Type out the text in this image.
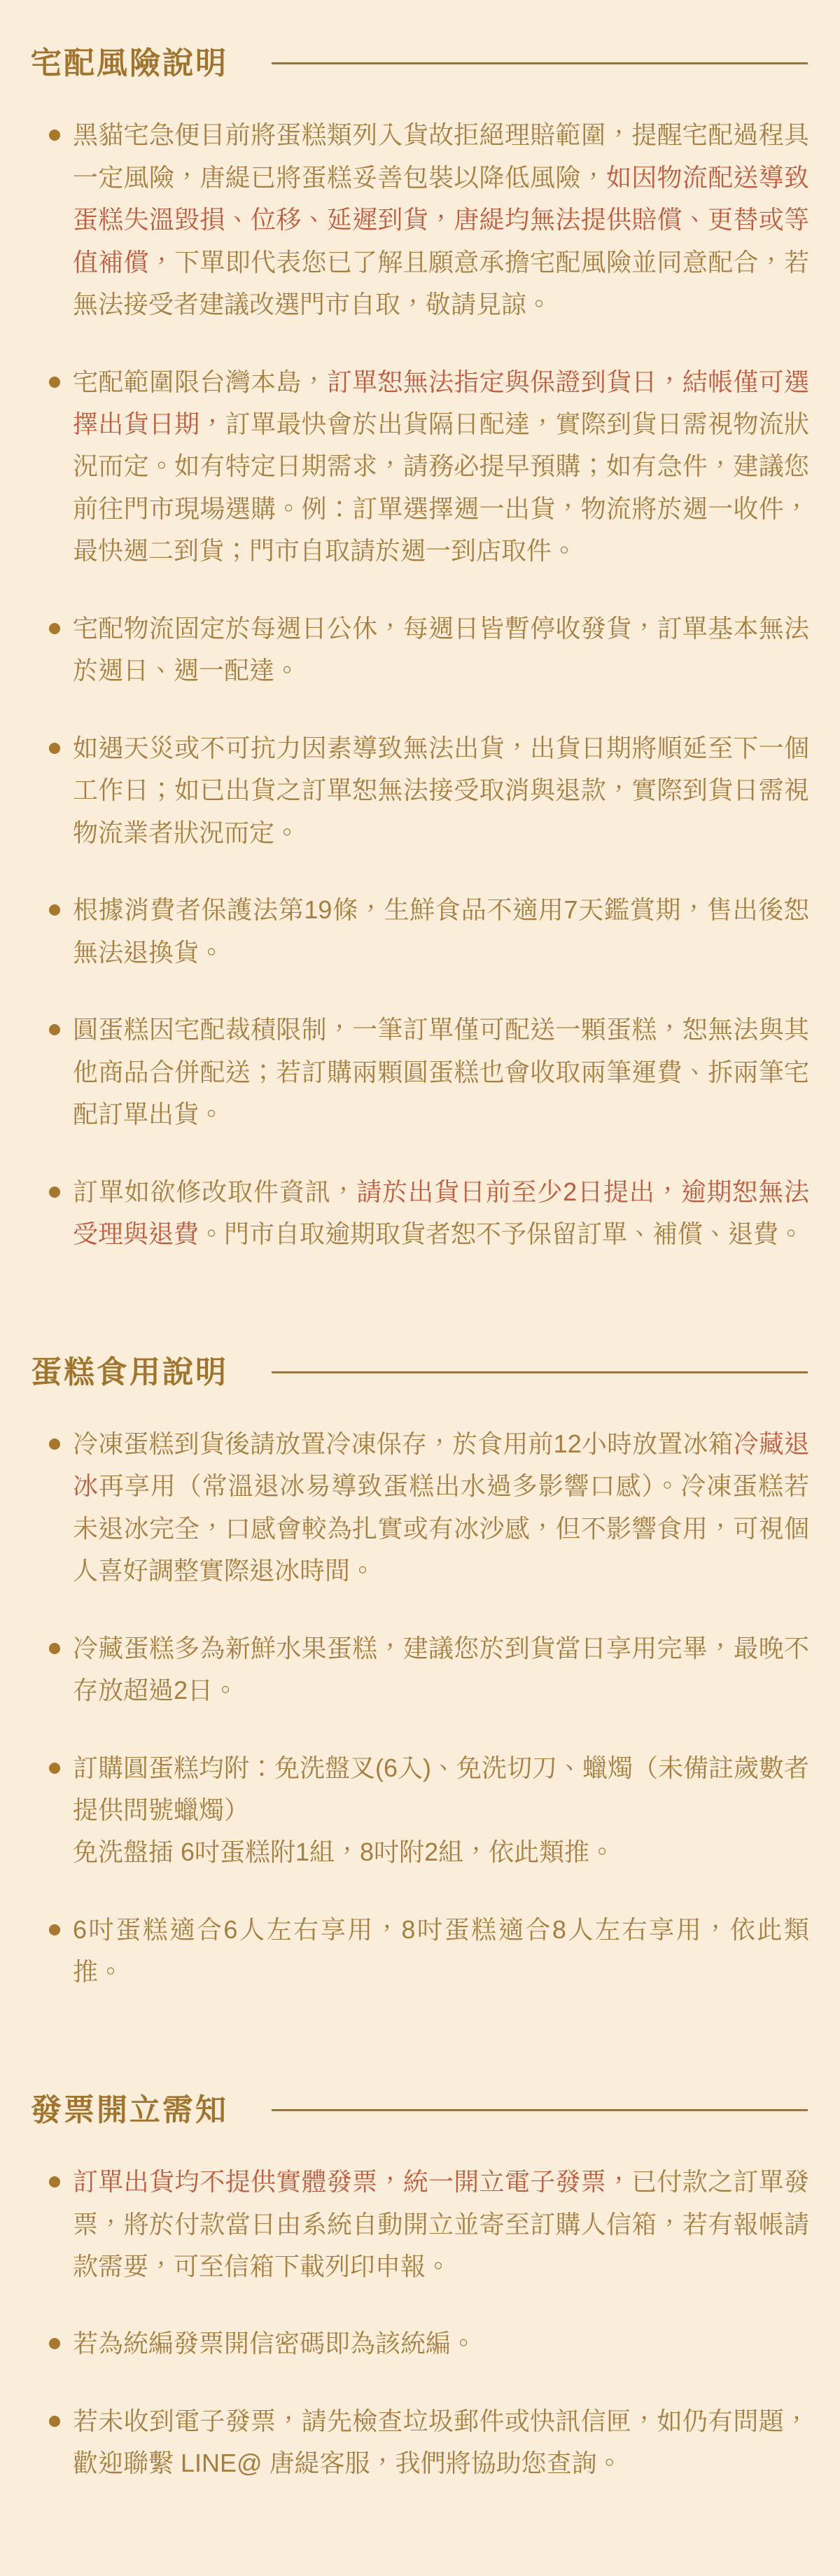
宅配風險說明
黑貓宅急便目前將蛋糕類列入貨故拒絕理賠範圍，提醒宅配過程具一定風險，唐緹已將蛋糕妥善包裝以降低風險，如因物流配送導致蛋糕失溫毀損、位移、延遲到貨，唐緹均無法提供賠償、更替或等值補償，下單即代表您已了解且願意承擔宅配風險並同意配合，若無法接受者建議改選門市自取，敬請見諒。
宅配範圍限台灣本島，訂單恕無法指定與保證到貨日，結帳僅可選擇出貨日期，訂單最快會於出貨隔日配達，實際到貨日需視物流狀況而定。如有特定日期需求，請務必提早預購；如有急件，建議您前往門市現場選購。例：訂單選擇週一出貨，物流將於週一收件，最快週二到貨；門市自取請於週一到店取件。
宅配物流固定於每週日公休，每週日皆暫停收發貨，訂單基本無法於週日、週一配達。
如遇天災或不可抗力因素導致無法出貨，出貨日期將順延至下一個工作日；如已出貨之訂單恕無法接受取消與退款，實際到貨日需視物流業者狀況而定。
根據消費者保護法第19條，生鮮食品不適用7天鑑賞期，售出後恕無法退換貨。
圓蛋糕因宅配裁積限制，一筆訂單僅可配送一顆蛋糕，恕無法與其他商品合併配送；若訂購兩顆圓蛋糕也會收取兩筆運費、拆兩筆宅配訂單出貨。
訂單如欲修改取件資訊，請於出貨日前至少2日提出，逾期恕無法受理與退費。門市自取逾期取貨者恕不予保留訂單、補償、退費。
蛋糕食用說明
冷凍蛋糕到貨後請放置冷凍保存，於食用前12小時放置冰箱冷藏退冰再享用（常溫退冰易導致蛋糕出水過多影響口感）。冷凍蛋糕若未退冰完全，口感會較為扎實或有冰沙感，但不影響食用，可視個人喜好調整實際退冰時間。
冷藏蛋糕多為新鮮水果蛋糕，建議您於到貨當日享用完畢，最晚不存放超過2日。
訂購圓蛋糕均附：免洗盤叉(6入)、免洗切刀、蠟燭（未備註歲數者提供問號蠟燭）
免洗盤插 6吋蛋糕附1組，8吋附2組，依此類推。
6吋蛋糕適合6人左右享用，8吋蛋糕適合8人左右享用，依此類推。
發票開立需知
訂單出貨均不提供實體發票，統一開立電子發票，已付款之訂單發票，將於付款當日由系統自動開立並寄至訂購人信箱，若有報帳請款需要，可至信箱下載列印申報。
若為統編發票開信密碼即為該統編。
若未收到電子發票，請先檢查垃圾郵件或快訊信匣，如仍有問題，歡迎聯繫 LINE@ 唐緹客服，我們將協助您查詢。
